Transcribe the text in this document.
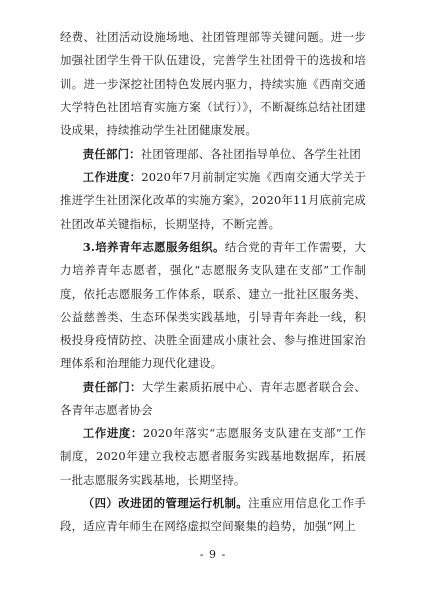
经费、社团活动设施场地、社团管理部等关键问题。进一步加强社团学生骨干队伍建设，完善学生社团骨干的选拔和培训。进一步深挖社团特色发展内驱力，持续实施《西南交通大学特色社团培育实施方案（试行）》，不断凝练总结社团建设成果，持续推动学生社团健康发展。
责任部门：社团管理部、各社团指导单位、各学生社团
工作进度：2020年7月前制定实施《西南交通大学关于推进学生社团深化改革的实施方案》，2020年11月底前完成社团改革关键指标，长期坚持，不断完善。
3.培养青年志愿服务组织。结合党的青年工作需要，大力培养青年志愿者，强化“志愿服务支队建在支部”工作制度，依托志愿服务工作体系，联系、建立一批社区服务类、公益慈善类、生态环保类实践基地，引导青年奔赴一线，积极投身疫情防控、决胜全面建成小康社会、参与推进国家治理体系和治理能力现代化建设。
责任部门：大学生素质拓展中心、青年志愿者联合会、各青年志愿者协会
工作进度：2020年落实“志愿服务支队建在支部”工作制度，2020年建立我校志愿者服务实践基地数据库，拓展一批志愿服务实践基地，长期坚持。
（四）改进团的管理运行机制。注重应用信息化工作手段，适应青年师生在网络虚拟空间聚集的趋势，加强“网上
- 9 -
